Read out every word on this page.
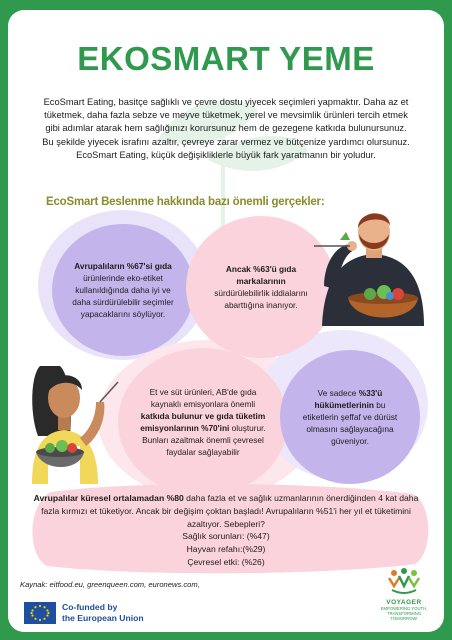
EKOSMART YEME
EcoSmart Eating, basitçe sağlıklı ve çevre dostu yiyecek seçimleri yapmaktır. Daha az et tüketmek, daha fazla sebze ve meyve tüketmek, yerel ve mevsimlik ürünleri tercih etmek gibi adımlar atarak hem sağlığınızı korursunuz hem de gezegene katkıda bulunursunuz. Bu şekilde yiyecek israfını azaltır, çevreye zarar vermez ve bütçenize yardımcı olursunuz. EcoSmart Eating, küçük değişikliklerle büyük fark yaratmanın bir yoludur.
EcoSmart Beslenme hakkında bazı önemli gerçekler:
Avrupalıların %67'si gıda ürünlerinde eko-etiket kullanıldığında daha iyi ve daha sürdürülebilir seçimler yapacaklarını söylüyor.
Ancak %63'ü gıda markalarının sürdürülebilirlik iddialarını abarttığına inanıyor.
Et ve süt ürünleri, AB'de gıda kaynaklı emisyonlara önemli katkıda bulunur ve gıda tüketim emisyonlarının %70'ini oluşturur. Bunları azaltmak önemli çevresel faydalar sağlayabilir
Ve sadece %33'ü hükümetlerinin bu etiketlerin şeffaf ve dürüst olmasını sağlayacağına güveniyor.
Avrupalılar küresel ortalamadan %80 daha fazla et ve sağlık uzmanlarının önerdiğinden 4 kat daha fazla kırmızı et tüketiyor. Ancak bir değişim çoktan başladı! Avrupalıların %51'i her yıl et tüketimini azaltıyor. Sebepleri?
Sağlık sorunları: (%47)
Hayvan refahı:(%29)
Çevresel etki: (%26)
Kaynak: eitfood.eu, greenqueen.com, euronews.com,
Co-funded by
the European Union
VOYAGER
EMPOWERING YOUTH, TRANSFORMING TOMORROW!
